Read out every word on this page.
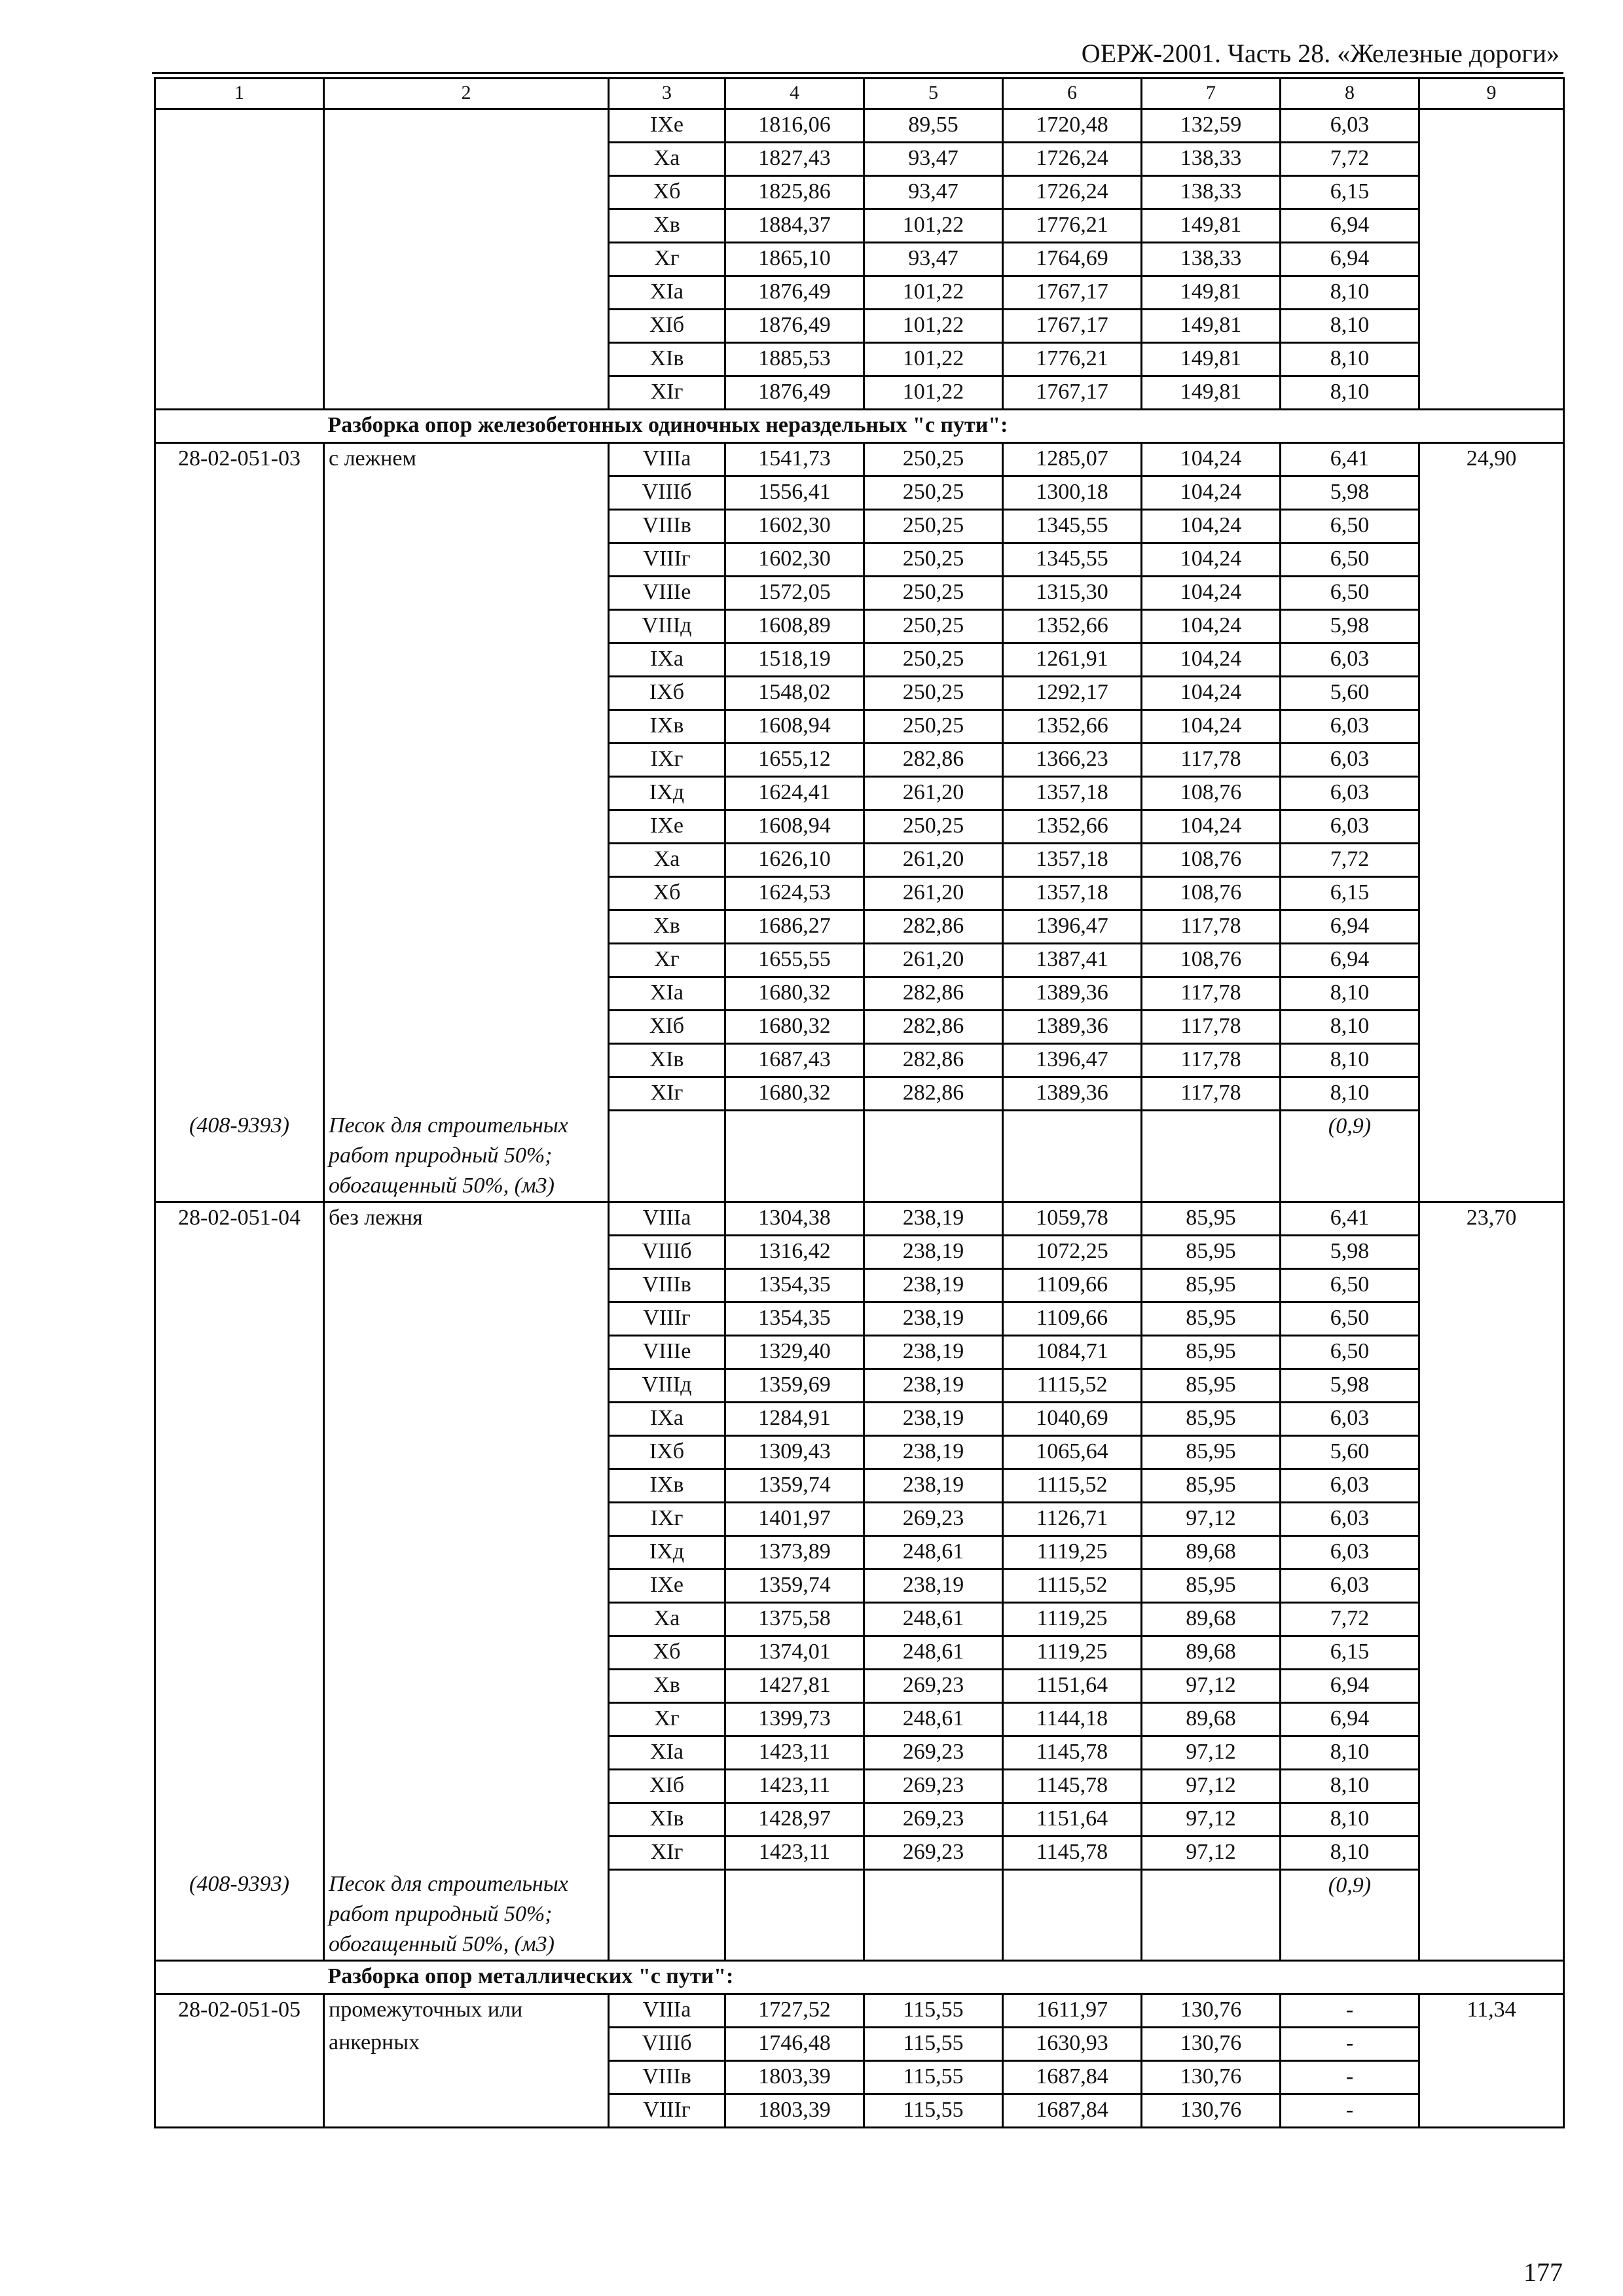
ОЕРЖ-2001. Часть 28. «Железные дороги»
1	2	3	4	5	6	7	8	9
		IXе	1816,06	89,55	1720,48	132,59	6,03	
		Xа	1827,43	93,47	1726,24	138,33	7,72	
		Xб	1825,86	93,47	1726,24	138,33	6,15	
		Xв	1884,37	101,22	1776,21	149,81	6,94	
		Xг	1865,10	93,47	1764,69	138,33	6,94	
		XIа	1876,49	101,22	1767,17	149,81	8,10	
		XIб	1876,49	101,22	1767,17	149,81	8,10	
		XIв	1885,53	101,22	1776,21	149,81	8,10	
		XIг	1876,49	101,22	1767,17	149,81	8,10	
	Разборка опор железобетонных одиночных нераздельных "с пути":							
28-02-051-03	с лежнем	VIIIа	1541,73	250,25	1285,07	104,24	6,41	24,90
		VIIIб	1556,41	250,25	1300,18	104,24	5,98	
		VIIIв	1602,30	250,25	1345,55	104,24	6,50	
		VIIIг	1602,30	250,25	1345,55	104,24	6,50	
		VIIIе	1572,05	250,25	1315,30	104,24	6,50	
		VIIIд	1608,89	250,25	1352,66	104,24	5,98	
		IXа	1518,19	250,25	1261,91	104,24	6,03	
		IXб	1548,02	250,25	1292,17	104,24	5,60	
		IXв	1608,94	250,25	1352,66	104,24	6,03	
		IXг	1655,12	282,86	1366,23	117,78	6,03	
		IXд	1624,41	261,20	1357,18	108,76	6,03	
		IXе	1608,94	250,25	1352,66	104,24	6,03	
		Xа	1626,10	261,20	1357,18	108,76	7,72	
		Xб	1624,53	261,20	1357,18	108,76	6,15	
		Xв	1686,27	282,86	1396,47	117,78	6,94	
		Xг	1655,55	261,20	1387,41	108,76	6,94	
		XIа	1680,32	282,86	1389,36	117,78	8,10	
		XIб	1680,32	282,86	1389,36	117,78	8,10	
		XIв	1687,43	282,86	1396,47	117,78	8,10	
		XIг	1680,32	282,86	1389,36	117,78	8,10	
(408-9393)	Песок для строительных
работ природный 50%;
обогащенный 50%, (м3)						(0,9)	
28-02-051-04	без лежня	VIIIа	1304,38	238,19	1059,78	85,95	6,41	23,70
		VIIIб	1316,42	238,19	1072,25	85,95	5,98	
		VIIIв	1354,35	238,19	1109,66	85,95	6,50	
		VIIIг	1354,35	238,19	1109,66	85,95	6,50	
		VIIIе	1329,40	238,19	1084,71	85,95	6,50	
		VIIIд	1359,69	238,19	1115,52	85,95	5,98	
		IXа	1284,91	238,19	1040,69	85,95	6,03	
		IXб	1309,43	238,19	1065,64	85,95	5,60	
		IXв	1359,74	238,19	1115,52	85,95	6,03	
		IXг	1401,97	269,23	1126,71	97,12	6,03	
		IXд	1373,89	248,61	1119,25	89,68	6,03	
		IXе	1359,74	238,19	1115,52	85,95	6,03	
		Xа	1375,58	248,61	1119,25	89,68	7,72	
		Xб	1374,01	248,61	1119,25	89,68	6,15	
		Xв	1427,81	269,23	1151,64	97,12	6,94	
		Xг	1399,73	248,61	1144,18	89,68	6,94	
		XIа	1423,11	269,23	1145,78	97,12	8,10	
		XIб	1423,11	269,23	1145,78	97,12	8,10	
		XIв	1428,97	269,23	1151,64	97,12	8,10	
		XIг	1423,11	269,23	1145,78	97,12	8,10	
(408-9393)	Песок для строительных
работ природный 50%;
обогащенный 50%, (м3)						(0,9)	
	Разборка опор металлических "с пути":							
28-02-051-05	промежуточных или	VIIIа	1727,52	115,55	1611,97	130,76	-	11,34
	анкерных	VIIIб	1746,48	115,55	1630,93	130,76	-	
		VIIIв	1803,39	115,55	1687,84	130,76	-	
		VIIIг	1803,39	115,55	1687,84	130,76	-	
177
